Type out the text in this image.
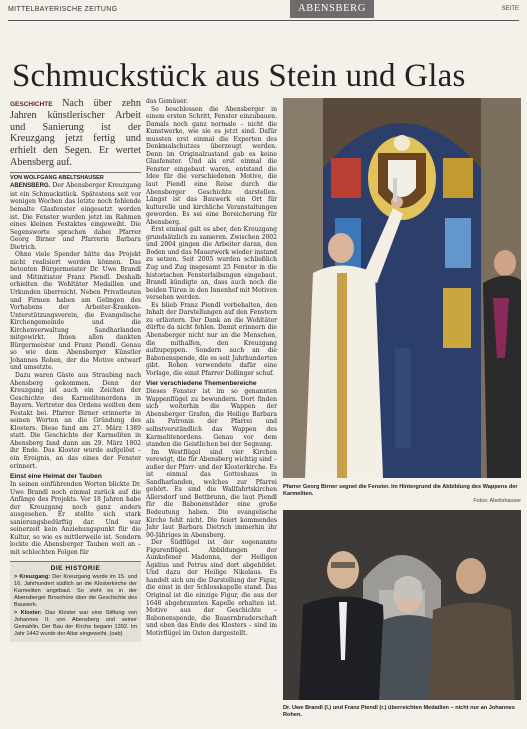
MITTELBAYERISCHE ZEITUNG	ABENSBERG	SEITE
Schmuckstück aus Stein und Glas
GESCHICHTE Nach über zehn Jahren künstlerischer Arbeit und Sanierung ist der Kreuzgang jetzt fertig und erhielt den Segen. Er wertet Abensberg auf.
VON WOLFGANG ABELTSHAUSER

ABENSBERG. Der Abensberger Kreuzgang ist ein Schmuckstück. Spätestens seit vor wenigen Wochen das letzte noch fehlende bemalte Glasfenster eingesetzt worden ist. Die Fenster wurden jetzt im Rahmen eines kleinen Festaktes eingeweiht. Die Segensworte sprachen dabei Pfarrer Georg Birner und Pfarrerin Barbara Dietrich.

Ohne viele Spender hätte das Projekt nicht realisiert werden können. Das betonten Bürgermeister Dr. Uwe Brandl und Mitinitiator Franz Piendl. Deshalb erhielten die Wohltäter Medaillen und Urkunden überreicht. Neben Privatleuten und Firmen haben am Gelingen des Vorhabens der Arbeiter-Kranken-Unterstützungsverein, die Evangelische Kirchengemeinde und die Kirchenverwaltung Sandharlanden mitgewirkt. Ihnen allen dankten Bürgermeister und Franz Piendl. Genau so wie dem Abensberger Künstler Johannes Rohen, der die Motive entwarf und umsetzte.

Dazu waren Gäste aus Straubing nach Abensberg gekommen. Denn der Kreuzgang ist auch ein Zeichen der Geschichte des Karmelitenordens in Bayern. Vertreter des Ordens weilten dem Festakt bei. Pfarrer Birner erinnerte in seinen Worten an die Gründung des Klosters. Diese fand am 27. März 1389 statt. Die Geschichte der Karmeliten in Abensberg fand dann am 29. März 1802 ihr Ende. Das Kloster wurde aufgelöst – ein Ereignis, an das eines der Fenster erinnert.

Einst eine Heimat der Tauben

In seinen einführenden Worten blickte Dr. Uwe Brandl noch einmal zurück auf die Anfänge des Projekts. Vor 18 Jahren habe der Kreuzgang noch ganz anders ausgesehen. Er stellte sich stark sanierungsbedürftig dar. Und war seinerzeit kein Anziehungspunkt für die Kultur, so wie es mittlerweile ist. Sondern lockte die Abensberger Tauben weit an – mit schlechten Folgen für

DIE HISTORIE

> Kreuzgang: Der Kreuzgang wurde im 15. und 16. Jahrhundert südlich an die Klosterkirche der Karmeliten angebaut. So steht es in der Abensberger Broschüre über die Geschichte des Bauwerk.

> Kloster: Das Kloster war eine Stiftung von Johannes II. von Abensberg und seiner Gemahlin. Der Bau der Kirche begann 1392. Im Jahr 1442 wurde der Altar eingeweiht. (oab)

das Gemäuer.

So beschlossen die Abensberger in einem ersten Schritt, Fenster einzubauen. Damals noch ganz normale – nicht die Kunstwerke, wie sie es jetzt sind. Dafür mussten erst einmal die Experten des Denkmalschutzes überzeugt werden. Denn im Originalzustand gab es keine Glasfenster. Und als erst einmal die Fenster eingebaut waren, entstand die Idee für die verschiedenen Motive, die laut Piendl eine Reise durch die Abensberger Geschichte darstellen. Längst ist das Bauwerk ein Ort für kulturelle und kirchliche Veranstaltungen geworden. Es sei eine Bereicherung für Abensberg.

Erst einmal galt es aber, den Kreuzgang grundsätzlich zu sanieren. Zwischen 2002 und 2004 gingen die Arbeiter daran, den Boden und das Mauerwerk wieder instand zu setzen. Seit 2005 wurden schließlich Zug und Zug insgesamt 25 Fenster in die historischen Fensterlaibungen eingebaut. Brandl kündigte an, dass auch noch die beiden Türen in den Innenhof mit Motiven versehen werden.

Es blieb Franz Piendl vorbehalten, den Inhalt der Darstellungen auf den Fenstern zu erläutern. Der Dank an die Wohltäter dürfte da nicht fehlen. Damit erinnern die Abensberger nicht nur an die Menschen, die mithalfen, den Kreuzgang aufzupeppen. Sondern auch an die Babonenspende, die es seit Jahrhunderten gibt. Rohen verwendete dafür eine Vorlage, die einst Pfarrer Dollinger schuf.

Vier verschiedene Themenbereiche

Dieses Fenster ist im so genannten Wappenflügel zu bewundern. Dort finden sich weiterhin die Wappen der Abensberger Grafen, die Heilige Barbara als Patronin der Pfarrei und selbstverständlich das Wappen des Karmelitenordens. Genau vor dem standen die Geistlichen bei der Segnung.

Im Westflügel sind vier Kirchen verewigt, die für Abensberg wichtig sind – außer der Pfarr- und der Klosterkirche. Es ist einmal das Gotteshaus in Sandharlanden, welches zur Pfarrei gehört. Es sind die Wallfahrtskirchen Allersdorf und Bettbrunn, die laut Piendl für die Babonenstäder eine große Bedeutung haben. Die evangelische Kirche fehlt nicht. Die feiert kommendes Jahr laut Barbara Dietrich immerhin ihr 90-Jähriges in Abensberg.

Der Südflügel ist der sogenannte Figurenflügel. Abbildungen der Aunkofener Madonna, der Heiligen Ägidius und Petrus sind dort abgebildet. Und dazu der Heilige Nikolaus. Es handelt sich um die Darstellung der Figur, die einst in der Schlosskapelle stand. Das Original ist die einzige Figur, die aus der 1648 abgebrannten Kapelle erhalten ist. Motive aus der Geschichte – Babonenspende, die Bauernbruderschaft und eben das Ende des Klosters – sind im Motivflügel im Osten dargestellt.

Pfarrer Georg Birner segnet die Fenster. Im Hintergrund die Abbildung des Wappens der Karmeliten.
Fotos: Abeltshauser
Dr. Uwe Brandl (l.) und Franz Piendl (r.) überreichten Medaillen – nicht nur an Johannes Rohen.
